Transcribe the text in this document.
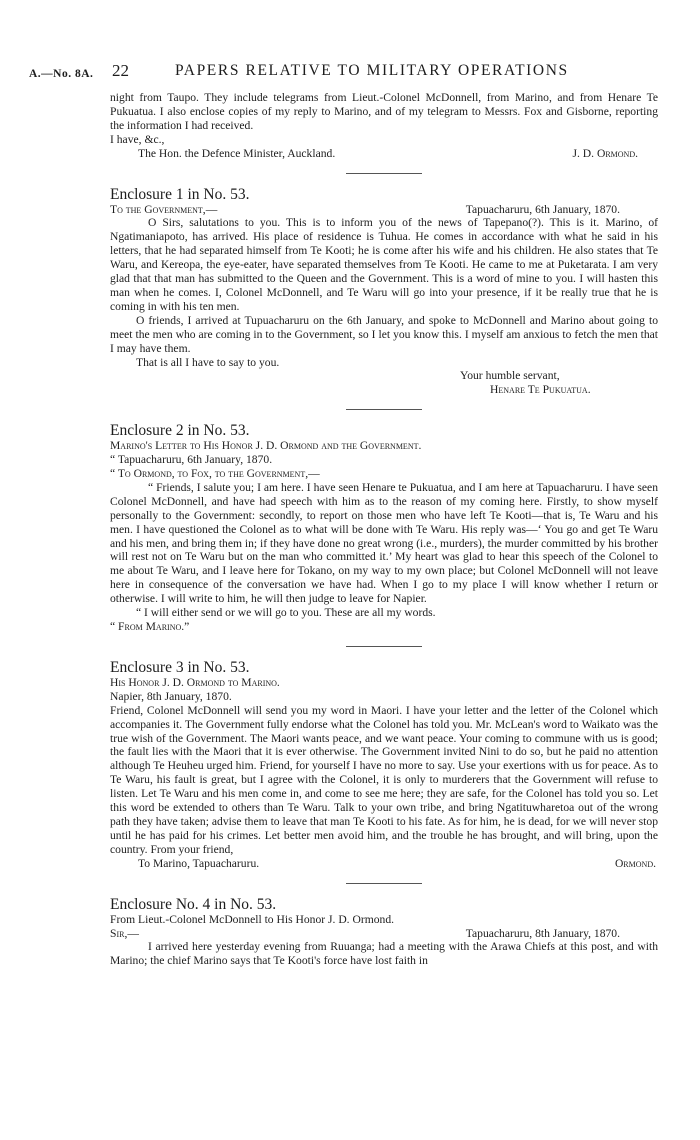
A.—No. 8A. 22	PAPERS RELATIVE TO MILITARY OPERATIONS

night from Taupo. They include telegrams from Lieut.-Colonel McDonnell, from Marino, and from Henare Te Pukuatua. I also enclose copies of my reply to Marino, and of my telegram to Messrs. Fox and Gisborne, reporting the information I had received.

I have, &c.,

The Hon. the Defence Minister, Auckland.	J. D. Ormond.

Enclosure 1 in No. 53.

To the Government,—	Tapuacharuru, 6th January, 1870.

O Sirs, salutations to you. This is to inform you of the news of Tapepano(?). This is it. Marino, of Ngatimaniapoto, has arrived. His place of residence is Tuhua. He comes in accordance with what he said in his letters, that he had separated himself from Te Kooti; he is come after his wife and his children. He also states that Te Waru, and Kereopa, the eye-eater, have separated themselves from Te Kooti. He came to me at Puketarata. I am very glad that that man has submitted to the Queen and the Government. This is a word of mine to you. I will hasten this man when he comes. I, Colonel McDonnell, and Te Waru will go into your presence, if it be really true that he is coming in with his ten men.

O friends, I arrived at Tupuacharuru on the 6th January, and spoke to McDonnell and Marino about going to meet the men who are coming in to the Government, so I let you know this. I myself am anxious to fetch the men that I may have them.

That is all I have to say to you.

Your humble servant,

Henare Te Pukuatua.

Enclosure 2 in No. 53.

Marino's Letter to His Honor J. D. Ormond and the Government.

“ Tapuacharuru, 6th January, 1870.

“ To Ormond, to Fox, to the Government,—

“ Friends, I salute you; I am here. I have seen Henare te Pukuatua, and I am here at Tapuacharuru. I have seen Colonel McDonnell, and have had speech with him as to the reason of my coming here. Firstly, to show myself personally to the Government: secondly, to report on those men who have left Te Kooti—that is, Te Waru and his men. I have questioned the Colonel as to what will be done with Te Waru. His reply was—‘ You go and get Te Waru and his men, and bring them in; if they have done no great wrong (i.e., murders), the murder committed by his brother will rest not on Te Waru but on the man who committed it.’ My heart was glad to hear this speech of the Colonel to me about Te Waru, and I leave here for Tokano, on my way to my own place; but Colonel McDonnell will not leave here in consequence of the conversation we have had. When I go to my place I will know whether I return or otherwise. I will write to him, he will then judge to leave for Napier.

“ I will either send or we will go to you. These are all my words.

“ From Marino.”

Enclosure 3 in No. 53.

His Honor J. D. Ormond to Marino.

Napier, 8th January, 1870.

Friend, Colonel McDonnell will send you my word in Maori. I have your letter and the letter of the Colonel which accompanies it. The Government fully endorse what the Colonel has told you. Mr. McLean's word to Waikato was the true wish of the Government. The Maori wants peace, and we want peace. Your coming to commune with us is good; the fault lies with the Maori that it is ever otherwise. The Government invited Nini to do so, but he paid no attention although Te Heuheu urged him. Friend, for yourself I have no more to say. Use your exertions with us for peace. As to Te Waru, his fault is great, but I agree with the Colonel, it is only to murderers that the Government will refuse to listen. Let Te Waru and his men come in, and come to see me here; they are safe, for the Colonel has told you so. Let this word be extended to others than Te Waru. Talk to your own tribe, and bring Ngatituwharetoa out of the wrong path they have taken; advise them to leave that man Te Kooti to his fate. As for him, he is dead, for we will never stop until he has paid for his crimes. Let better men avoid him, and the trouble he has brought, and will bring, upon the country. From your friend,

To Marino, Tapuacharuru.	Ormond.

Enclosure No. 4 in No. 53.

From Lieut.-Colonel McDonnell to His Honor J. D. Ormond.

Sir,—	Tapuacharuru, 8th January, 1870.

I arrived here yesterday evening from Ruuanga; had a meeting with the Arawa Chiefs at this post, and with Marino; the chief Marino says that Te Kooti's force have lost faith in
